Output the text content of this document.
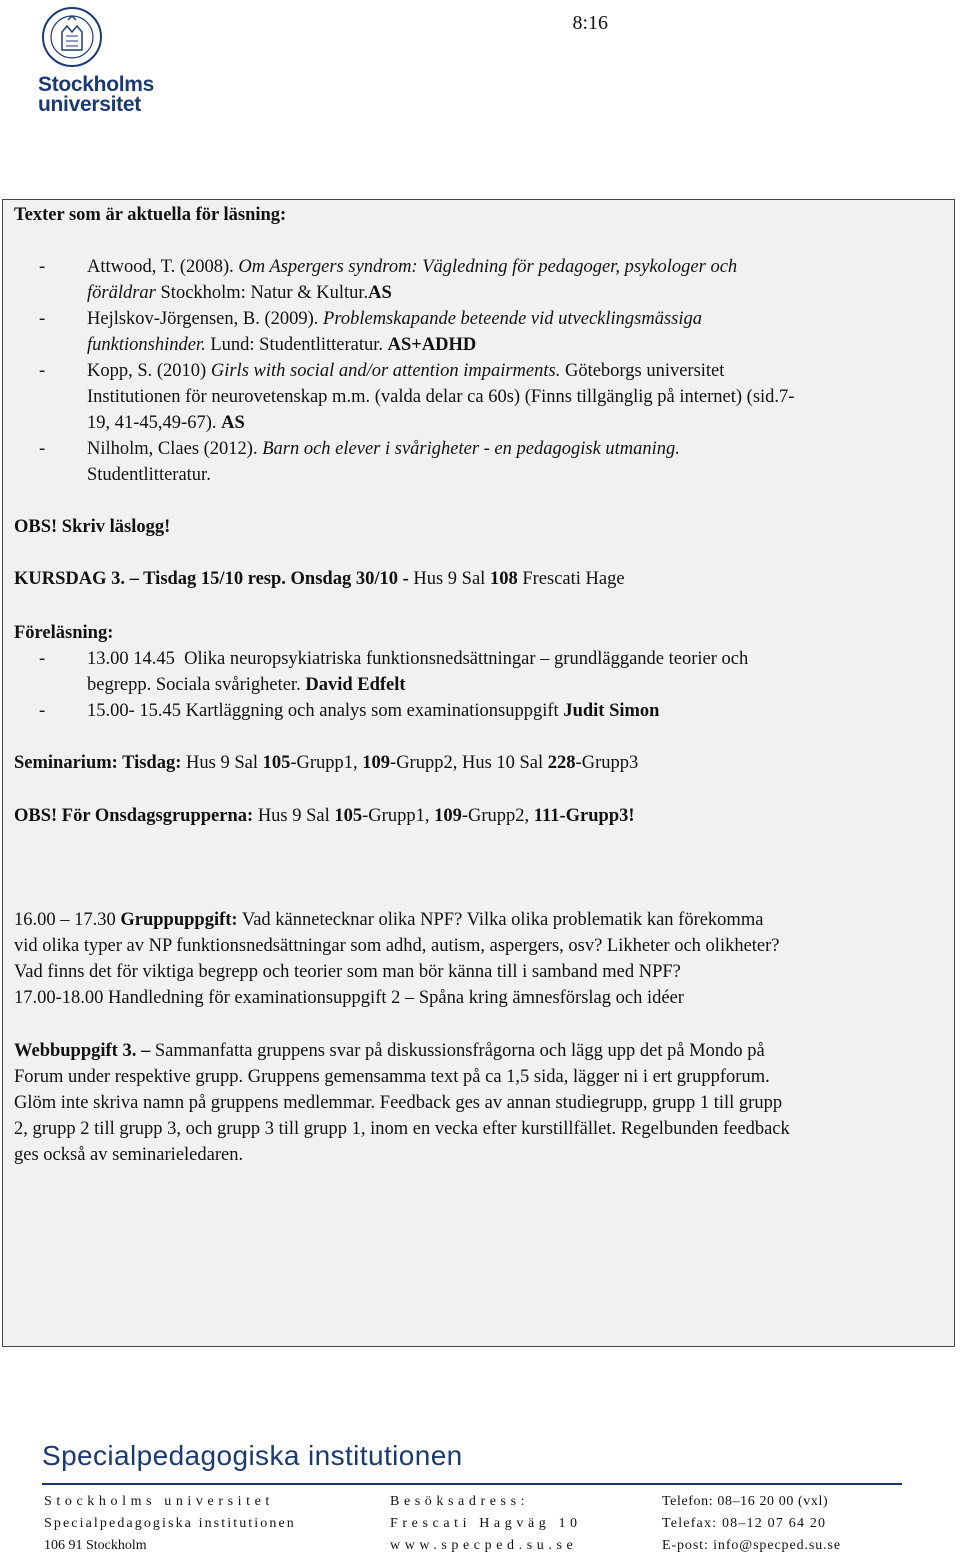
Stockholms
universitet
8:16
Texter som är aktuella för läsning:
- Attwood, T. (2008). Om Aspergers syndrom: Vägledning för pedagoger, psykologer och
föräldrar Stockholm: Natur & Kultur.AS
- Hejlskov-Jörgensen, B. (2009). Problemskapande beteende vid utvecklingsmässiga
funktionshinder. Lund: Studentlitteratur. AS+ADHD
- Kopp, S. (2010) Girls with social and/or attention impairments. Göteborgs universitet
Institutionen för neurovetenskap m.m. (valda delar ca 60s) (Finns tillgänglig på internet) (sid.7-
19, 41-45,49-67). AS
- Nilholm, Claes (2012). Barn och elever i svårigheter - en pedagogisk utmaning.
Studentlitteratur.
OBS! Skriv läslogg!
KURSDAG 3. – Tisdag 15/10 resp. Onsdag 30/10 - Hus 9 Sal 108 Frescati Hage
Föreläsning:
- 13.00 14.45 Olika neuropsykiatriska funktionsnedsättningar – grundläggande teorier och
begrepp. Sociala svårigheter. David Edfelt
- 15.00- 15.45 Kartläggning och analys som examinationsuppgift Judit Simon
Seminarium: Tisdag: Hus 9 Sal 105-Grupp1, 109-Grupp2, Hus 10 Sal 228-Grupp3
OBS! För Onsdagsgrupperna: Hus 9 Sal 105-Grupp1, 109-Grupp2, 111-Grupp3!
16.00 – 17.30 Gruppuppgift: Vad kännetecknar olika NPF? Vilka olika problematik kan förekomma
vid olika typer av NP funktionsnedsättningar som adhd, autism, aspergers, osv? Likheter och olikheter?
Vad finns det för viktiga begrepp och teorier som man bör känna till i samband med NPF?
17.00-18.00 Handledning för examinationsuppgift 2 – Spåna kring ämnesförslag och idéer
Webbuppgift 3. – Sammanfatta gruppens svar på diskussionsfrågorna och lägg upp det på Mondo på
Forum under respektive grupp. Gruppens gemensamma text på ca 1,5 sida, lägger ni i ert gruppforum.
Glöm inte skriva namn på gruppens medlemmar. Feedback ges av annan studiegrupp, grupp 1 till grupp
2, grupp 2 till grupp 3, och grupp 3 till grupp 1, inom en vecka efter kurstillfället. Regelbunden feedback
ges också av seminarieledaren.
Specialpedagogiska institutionen
Stockholms universitet	Besöksadress:	Telefon: 08–16 20 00 (vxl)
Specialpedagogiska institutionen	Frescati Hagväg 10	Telefax: 08–12 07 64 20
106 91 Stockholm	www.specped.su.se	E-post: info@specped.su.se
